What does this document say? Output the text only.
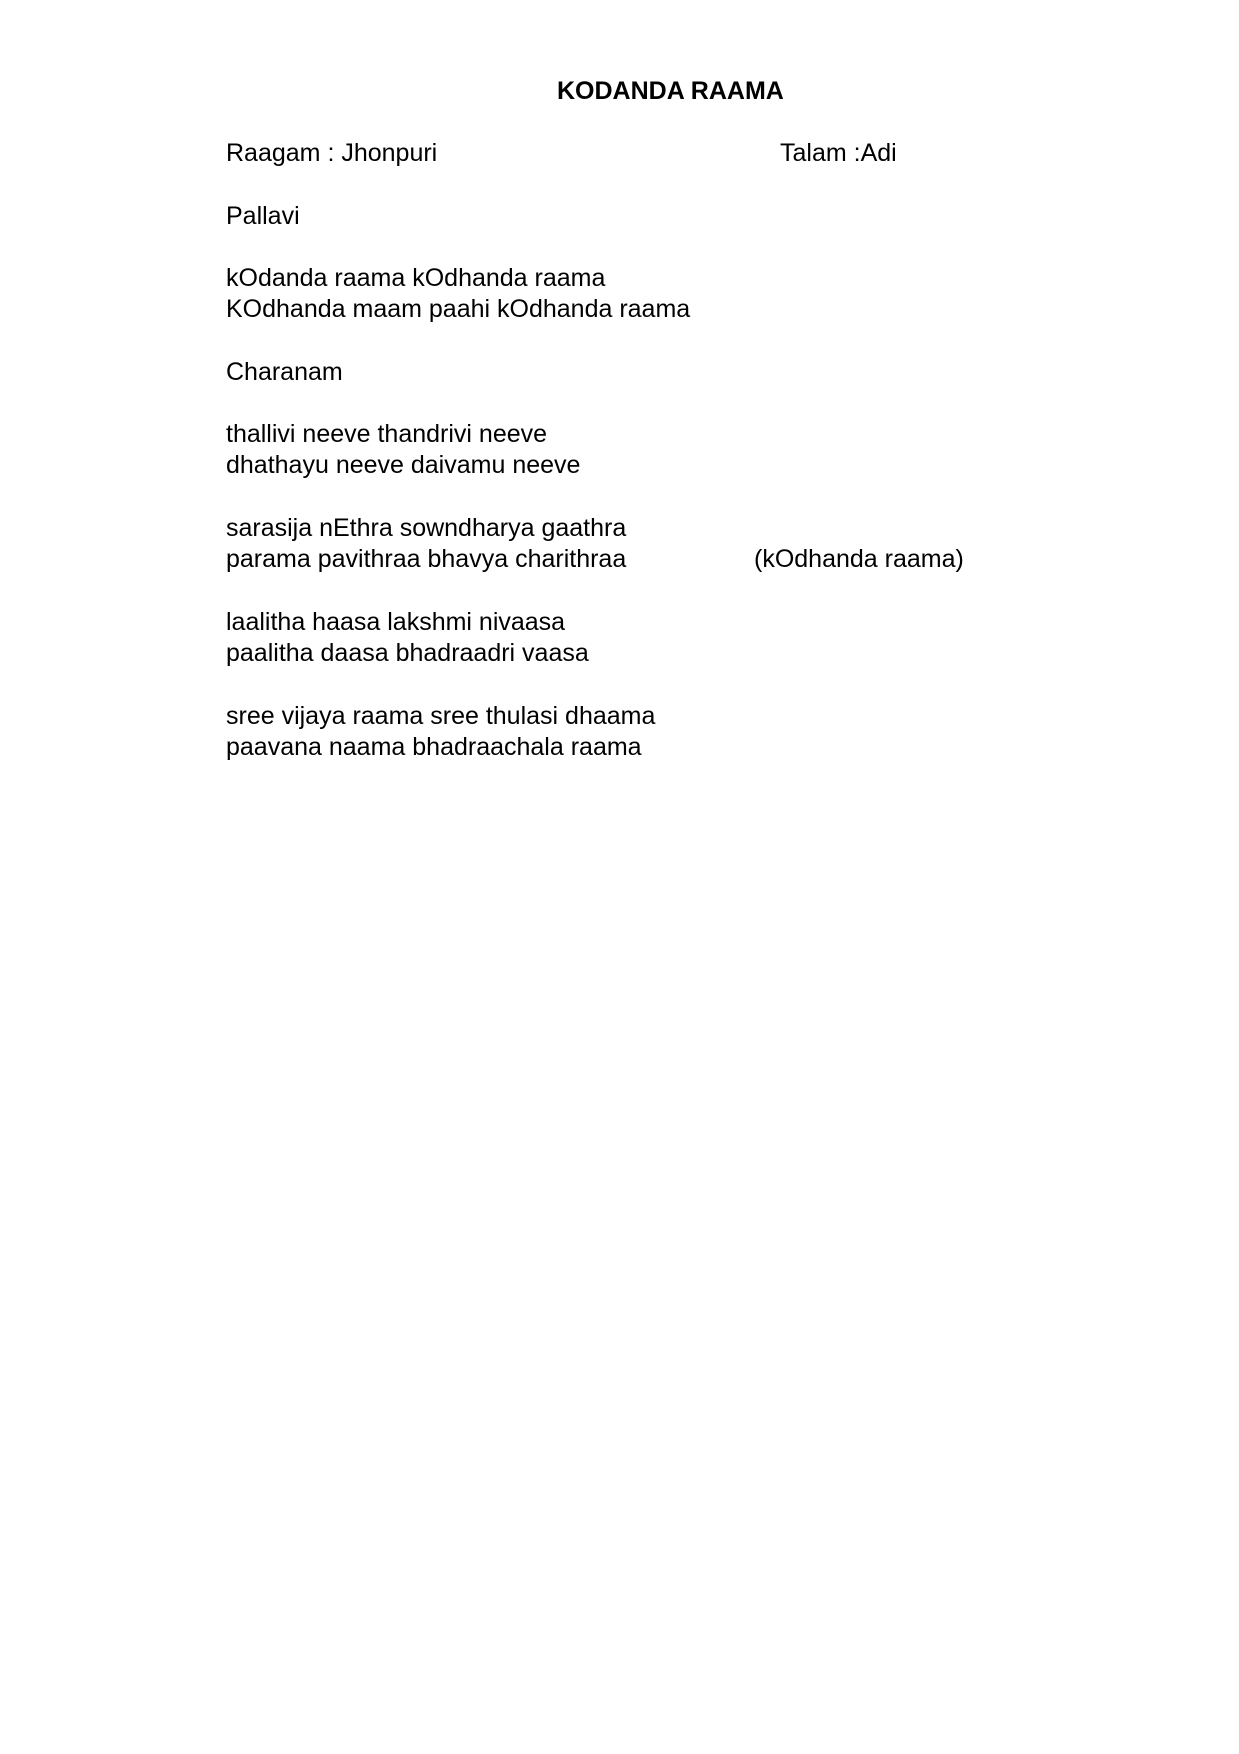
KODANDA RAAMA
Raagam : Jhonpuri	Talam :Adi
Pallavi
kOdanda raama kOdhanda raama
KOdhanda maam paahi kOdhanda raama
Charanam
thallivi neeve thandrivi neeve
dhathayu neeve daivamu neeve
sarasija nEthra sowndharya gaathra
parama pavithraa bhavya charithraa	(kOdhanda raama)
laalitha haasa lakshmi nivaasa
paalitha daasa bhadraadri vaasa
sree vijaya raama sree thulasi dhaama
paavana naama bhadraachala raama
